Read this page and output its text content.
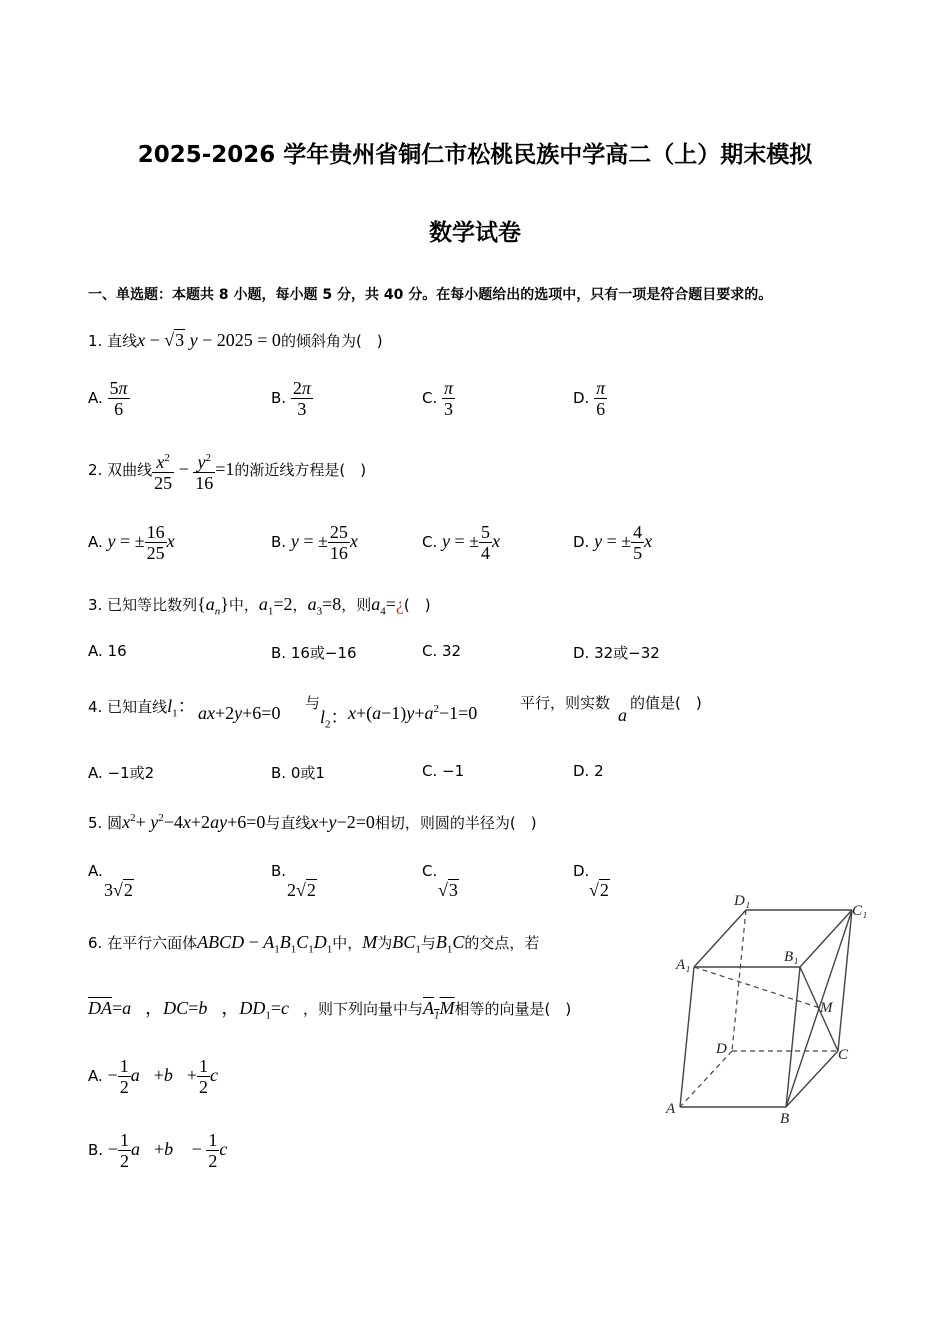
2025-2026 学年贵州省铜仁市松桃民族中学高二（上）期末模拟
数学试卷
一、单选题：本题共 8 小题，每小题 5 分，共 40 分。在每小题给出的选项中，只有一项是符合题目要求的。
1. 直线x − √3 y − 2025 = 0的倾斜角为(　)
A. $\frac{5\pi}{6}$	B. $\frac{2\pi}{3}$	C. $\frac{\pi}{3}$	D. $\frac{\pi}{6}$
2. 双曲线 $\frac{x^2}{25} - \frac{y^2}{16} =1$的渐近线方程是(　)
A. y = ± $\frac{16}{25}$ x	B. y = ± $\frac{25}{16}$ x	C. y = ± $\frac{5}{4}$ x	D. y = ± $\frac{4}{5}$ x
3. 已知等比数列$\{a_n\}$中，$a_1=2$，$a_3=8$，则$a_4=¿$(　)
A. 16	B. 16或−16	C. 32	D. 32或−32
4. 已知直线$l_1$： ax+2y+6=0 与
$l_2$： $x+(a-1)y+a^2-1=0$	平行，则实数
a
的值是(　)
A. −1或2	B. 0或1	C. −1	D. 2
5. 圆$x^2+ y^2-4x+2ay+6=0$与直线x+y−2=0相切，则圆的半径为(　)
A.
3√2
B.
2√2
C.
√3
D.
√2
6. 在平行六面体ABCD − $A_1B_1C_1D_1$中，M为$BC_1$与$B_1C$的交点，若
$\overline{DA}=a⃗$，DC=b⃗，$DD_1=c⃗$，则下列向量中与$A_1M$相等的向量是(　)
A. − $\frac{1}{2}$ a⃗+b⃗+ $\frac{1}{2}$ c⃗
B. − $\frac{1}{2}$ a⃗+b⃗ − $\frac{1}{2}$ c⃗
D₁
C₁
A₁	B₁
M
D	C
A
B
